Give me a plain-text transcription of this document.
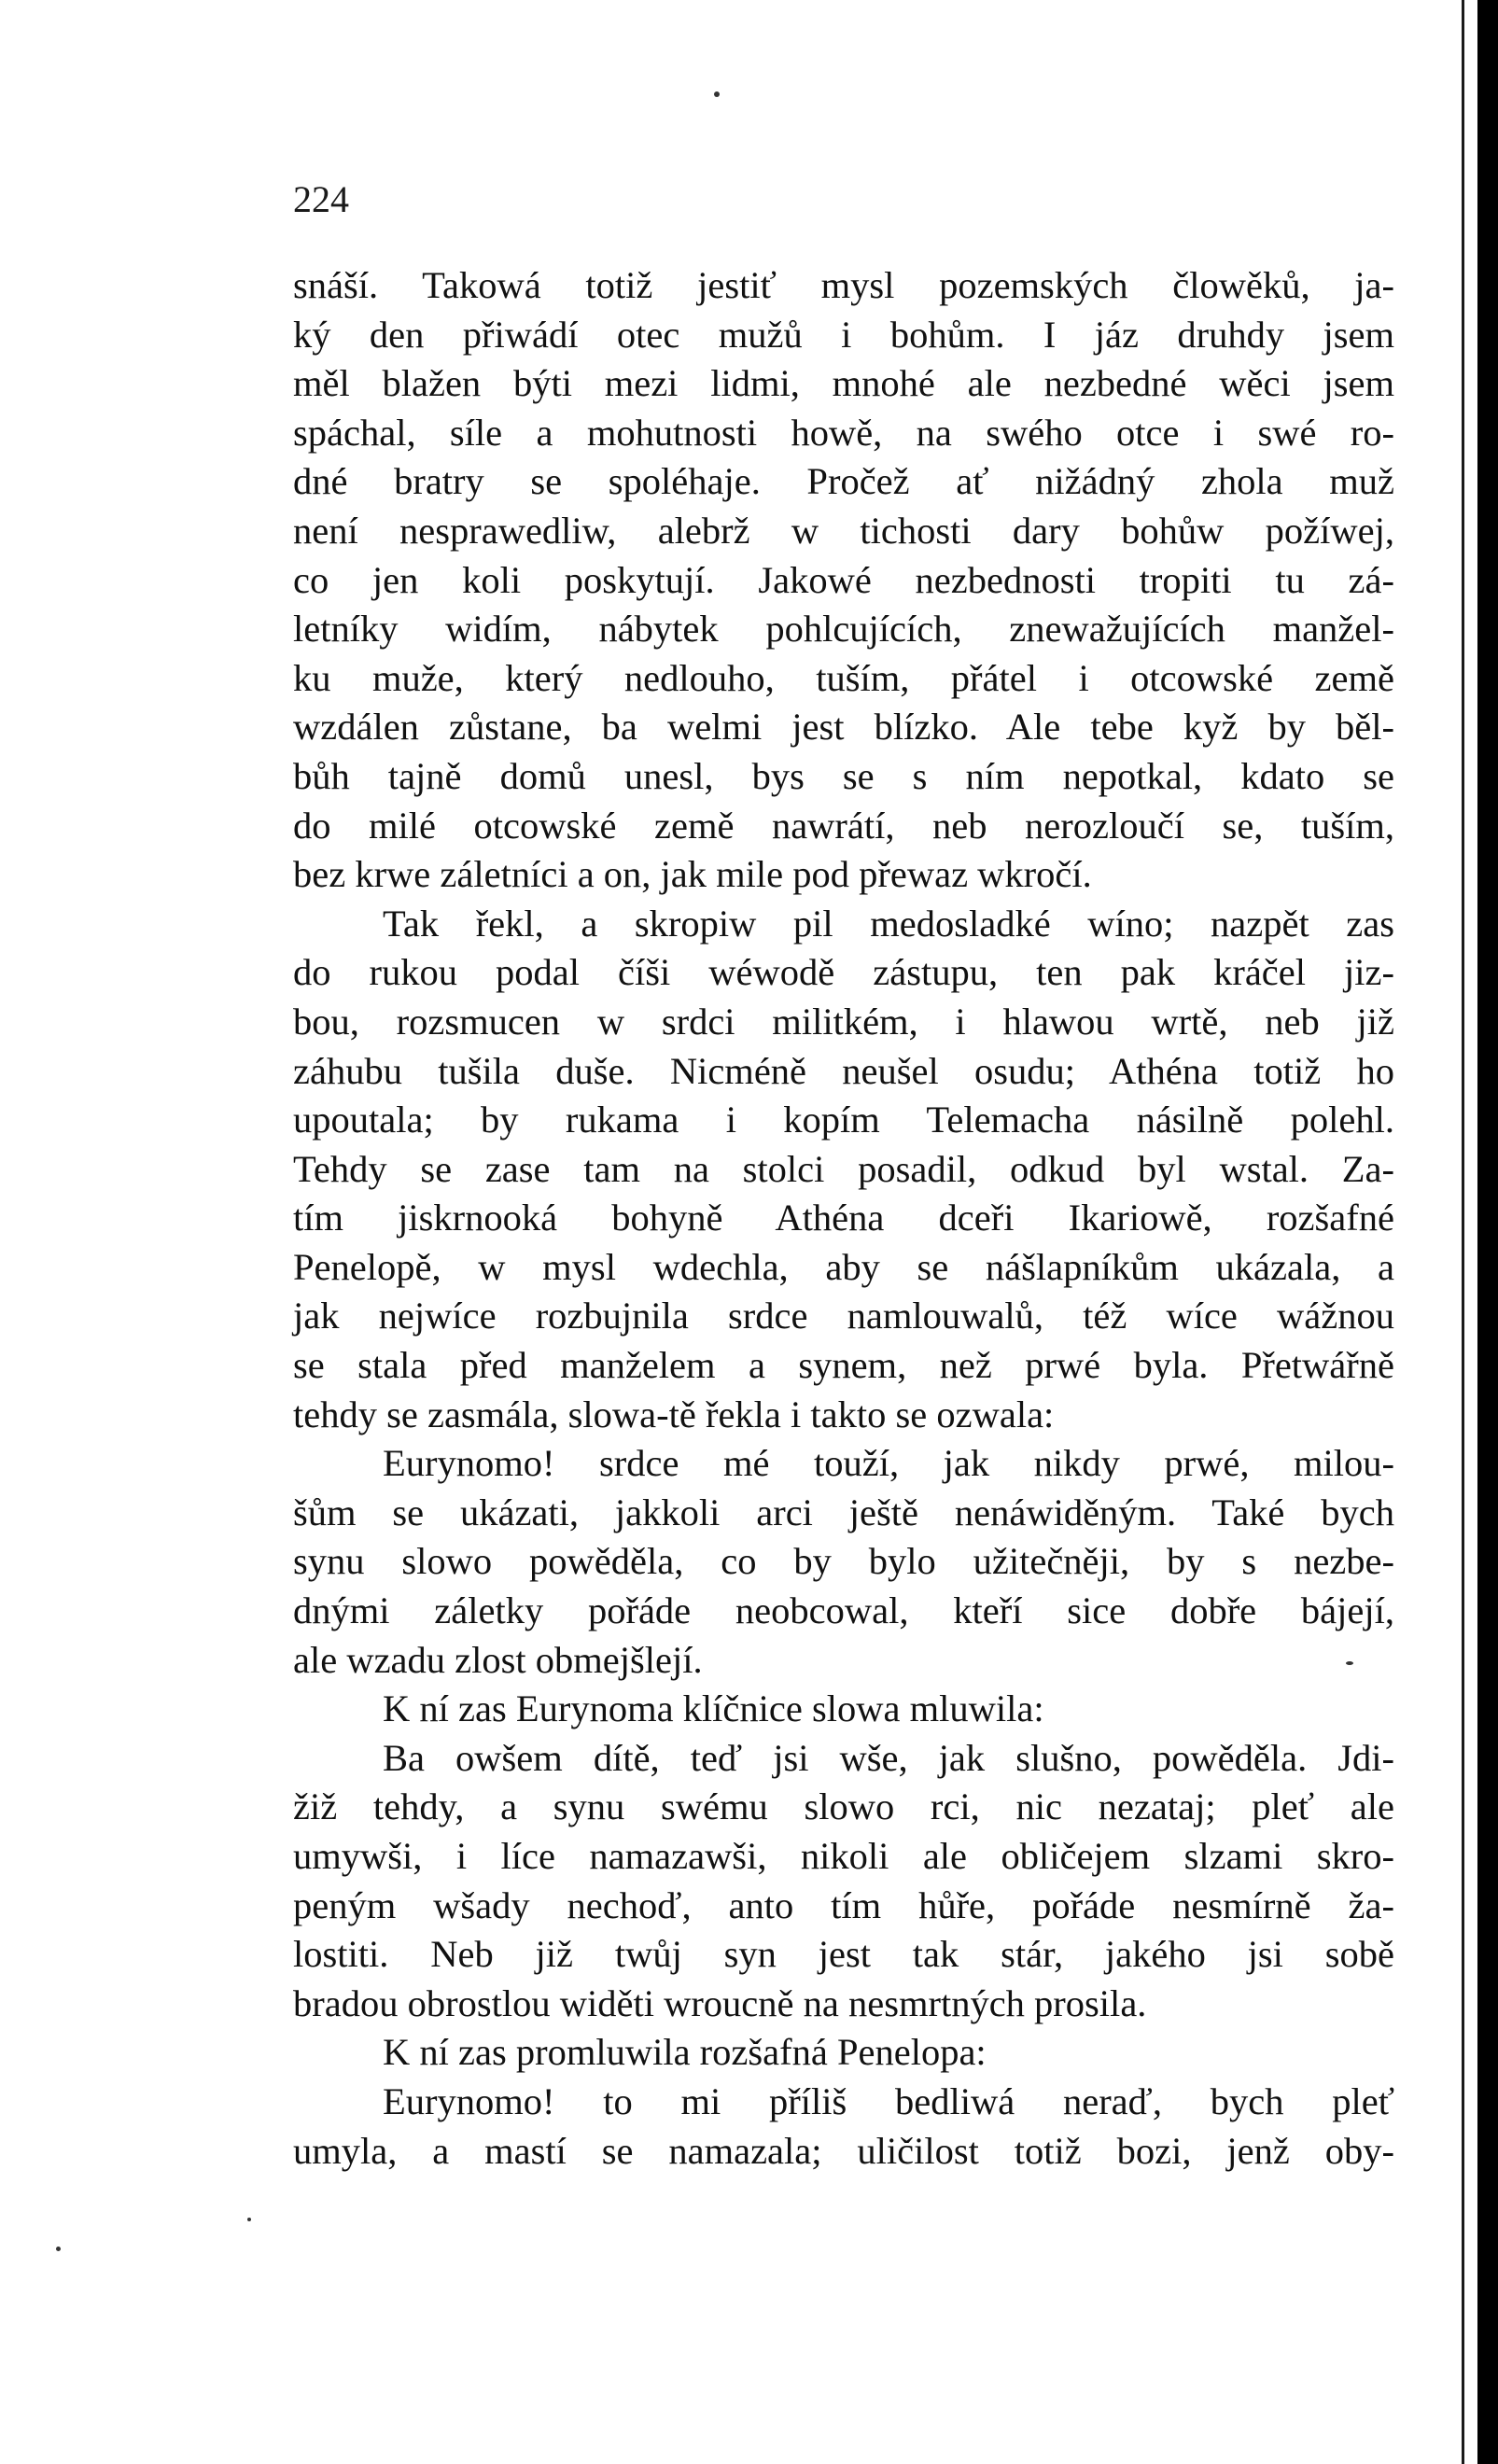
224
snáší. Takowá totiž jestiť mysl pozemských člowěků, ja-
ký den přiwádí otec mužů i bohům. I jáz druhdy jsem
měl blažen býti mezi lidmi, mnohé ale nezbedné wěci jsem
spáchal, síle a mohutnosti howě, na swého otce i swé ro-
dné bratry se spoléhaje. Pročež ať nižádný zhola muž
není nesprawedliw, alebrž w tichosti dary bohůw požíwej,
co jen koli poskytují. Jakowé nezbednosti tropiti tu zá-
letníky widím, nábytek pohlcujících, znewažujících manžel-
ku muže, který nedlouho, tuším, přátel i otcowské země
wzdálen zůstane, ba welmi jest blízko. Ale tebe kyž by běl-
bůh tajně domů unesl, bys se s ním nepotkal, kdato se
do milé otcowské země nawrátí, neb nerozloučí se, tuším,
bez krwe záletníci a on, jak mile pod přewaz wkročí.
Tak řekl, a skropiw pil medosladké wíno; nazpět zas
do rukou podal číši wéwodě zástupu, ten pak kráčel jiz-
bou, rozsmucen w srdci militkém, i hlawou wrtě, neb již
záhubu tušila duše. Nicméně neušel osudu; Athéna totiž ho
upoutala; by rukama i kopím Telemacha násilně polehl.
Tehdy se zase tam na stolci posadil, odkud byl wstal. Za-
tím jiskrnooká bohyně Athéna dceři Ikariowě, rozšafné
Penelopě, w mysl wdechla, aby se nášlapníkům ukázala, a
jak nejwíce rozbujnila srdce namlouwalů, též wíce wážnou
se stala před manželem a synem, než prwé byla. Přetwářně
tehdy se zasmála, slowa-tě řekla i takto se ozwala:
Eurynomo! srdce mé touží, jak nikdy prwé, milou-
šům se ukázati, jakkoli arci ještě nenáwiděným. Také bych
synu slowo powěděla, co by bylo užitečněji, by s nezbe-
dnými záletky pořáde neobcowal, kteří sice dobře bájejí,
ale wzadu zlost obmejšlejí.
K ní zas Eurynoma klíčnice slowa mluwila:
Ba owšem dítě, teď jsi wše, jak slušno, powěděla. Jdi-
žiž tehdy, a synu swému slowo rci, nic nezataj; pleť ale
umywši, i líce namazawši, nikoli ale obličejem slzami skro-
peným wšady nechoď, anto tím hůře, pořáde nesmírně ža-
lostiti. Neb již twůj syn jest tak stár, jakého jsi sobě
bradou obrostlou widěti wroucně na nesmrtných prosila.
K ní zas promluwila rozšafná Penelopa:
Eurynomo! to mi příliš bedliwá neraď, bych pleť
umyla, a mastí se namazala; uličilost totiž bozi, jenž oby-
